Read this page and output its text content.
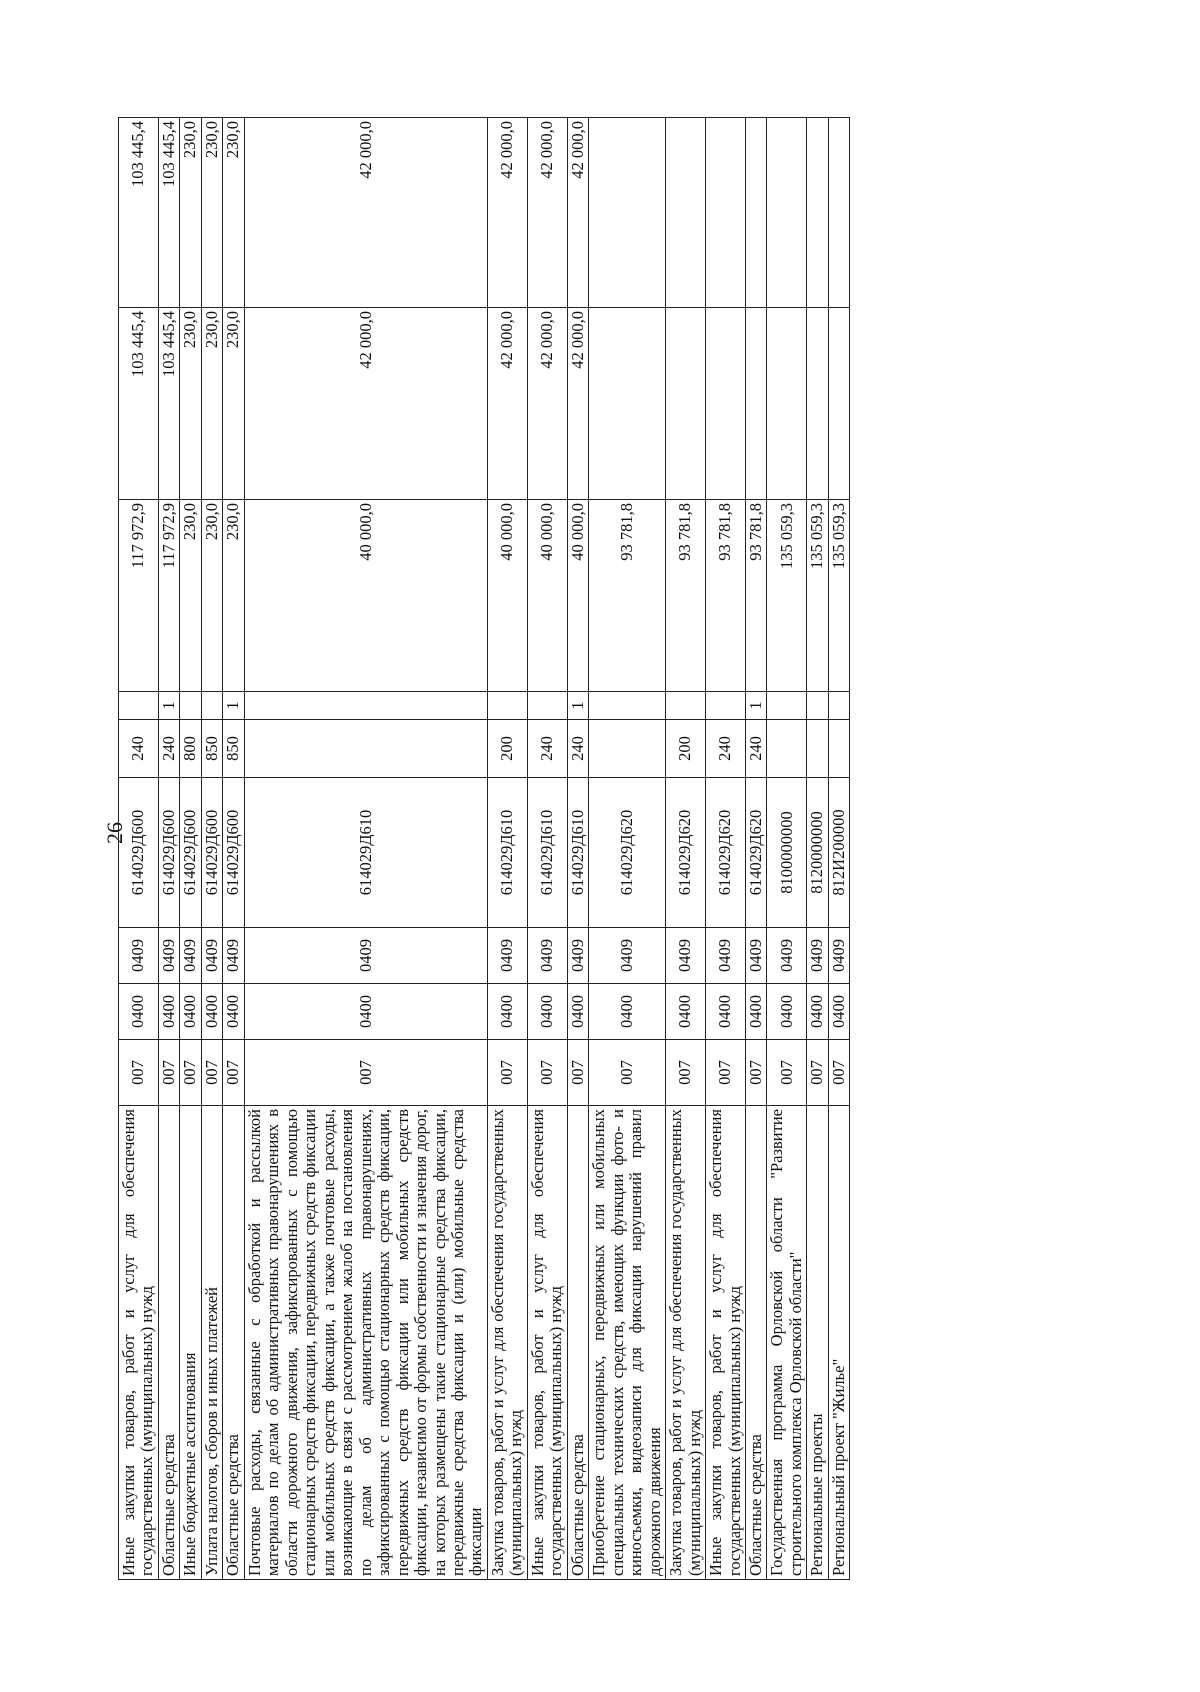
26
Иные закупки товаров, работ и услуг для обеспечения государственных (муниципальных) нужд	007	0400	0409	614029Д600	240		117 972,9	103 445,4	103 445,4
Областные средства	007	0400	0409	614029Д600	240	1	117 972,9	103 445,4	103 445,4
Иные бюджетные ассигнования	007	0400	0409	614029Д600	800		230,0	230,0	230,0
Уплата налогов, сборов и иных платежей	007	0400	0409	614029Д600	850		230,0	230,0	230,0
Областные средства	007	0400	0409	614029Д600	850	1	230,0	230,0	230,0
Почтовые расходы, связанные с обработкой и рассылкой материалов по делам об административных правонарушениях в области дорожного движения, зафиксированных с помощью стационарных средств фиксации, передвижных средств фиксации или мобильных средств фиксации, а также почтовые расходы, возникающие в связи с рассмотрением жалоб на постановления по делам об административных правонарушениях, зафиксированных с помощью стационарных средств фиксации, передвижных средств фиксации или мобильных средств фиксации, независимо от формы собственности и значения дорог, на которых размещены такие стационарные средства фиксации, передвижные средства фиксации и (или) мобильные средства фиксации	007	0400	0409	614029Д610			40 000,0	42 000,0	42 000,0
Закупка товаров, работ и услуг для обеспечения государственных (муниципальных) нужд	007	0400	0409	614029Д610	200		40 000,0	42 000,0	42 000,0
Иные закупки товаров, работ и услуг для обеспечения государственных (муниципальных) нужд	007	0400	0409	614029Д610	240		40 000,0	42 000,0	42 000,0
Областные средства	007	0400	0409	614029Д610	240	1	40 000,0	42 000,0	42 000,0
Приобретение стационарных, передвижных или мобильных специальных технических средств, имеющих функции фото- и киносъемки, видеозаписи для фиксации нарушений правил дорожного движения	007	0400	0409	614029Д620			93 781,8		
Закупка товаров, работ и услуг для обеспечения государственных (муниципальных) нужд	007	0400	0409	614029Д620	200		93 781,8		
Иные закупки товаров, работ и услуг для обеспечения государственных (муниципальных) нужд	007	0400	0409	614029Д620	240		93 781,8		
Областные средства	007	0400	0409	614029Д620	240	1	93 781,8		
Государственная программа Орловской области "Развитие строительного комплекса Орловской области"	007	0400	0409	8100000000			135 059,3		
Региональные проекты	007	0400	0409	8120000000			135 059,3		
Региональный проект "Жилье"	007	0400	0409	812И200000			135 059,3		
